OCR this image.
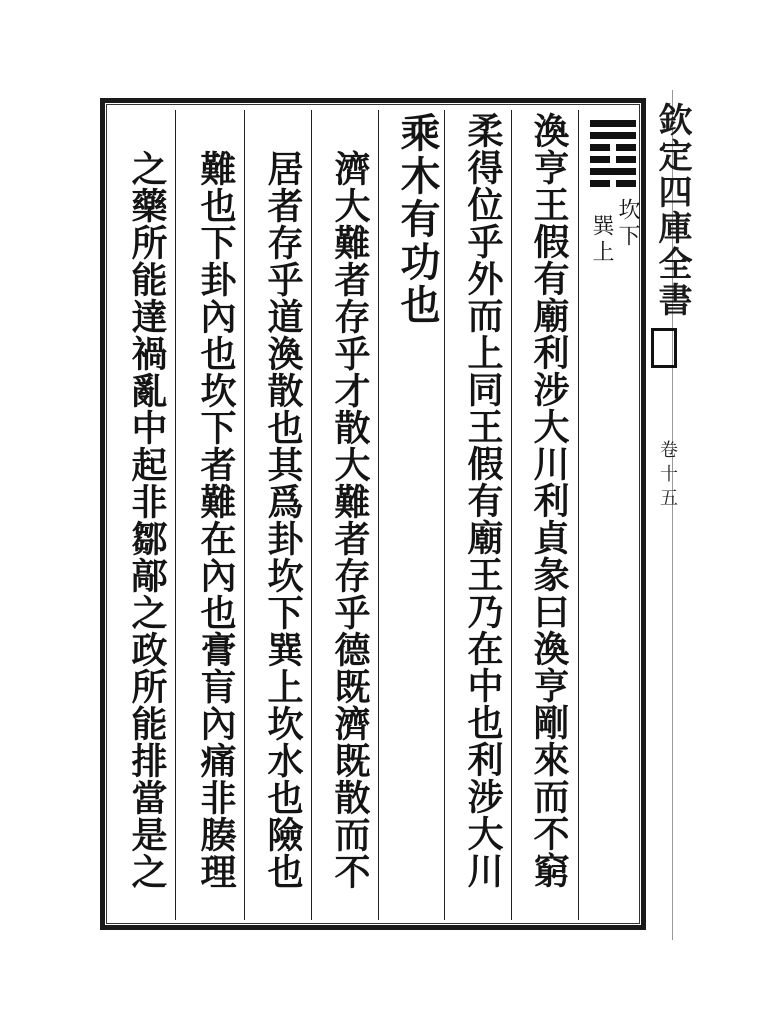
欽定四庫全書
卷十五
坎下
巽上
渙亨王假有廟利涉大川利貞彖曰渙亨剛來而不窮
柔得位乎外而上同王假有廟王乃在中也利涉大川
乘木有功也
濟大難者存乎才散大難者存乎德既濟既散而不
居者存乎道渙散也其爲卦坎下巽上坎水也險也
難也下卦內也坎下者難在內也膏肓內痛非腠理
之藥所能達禍亂中起非鄒鄗之政所能排當是之
